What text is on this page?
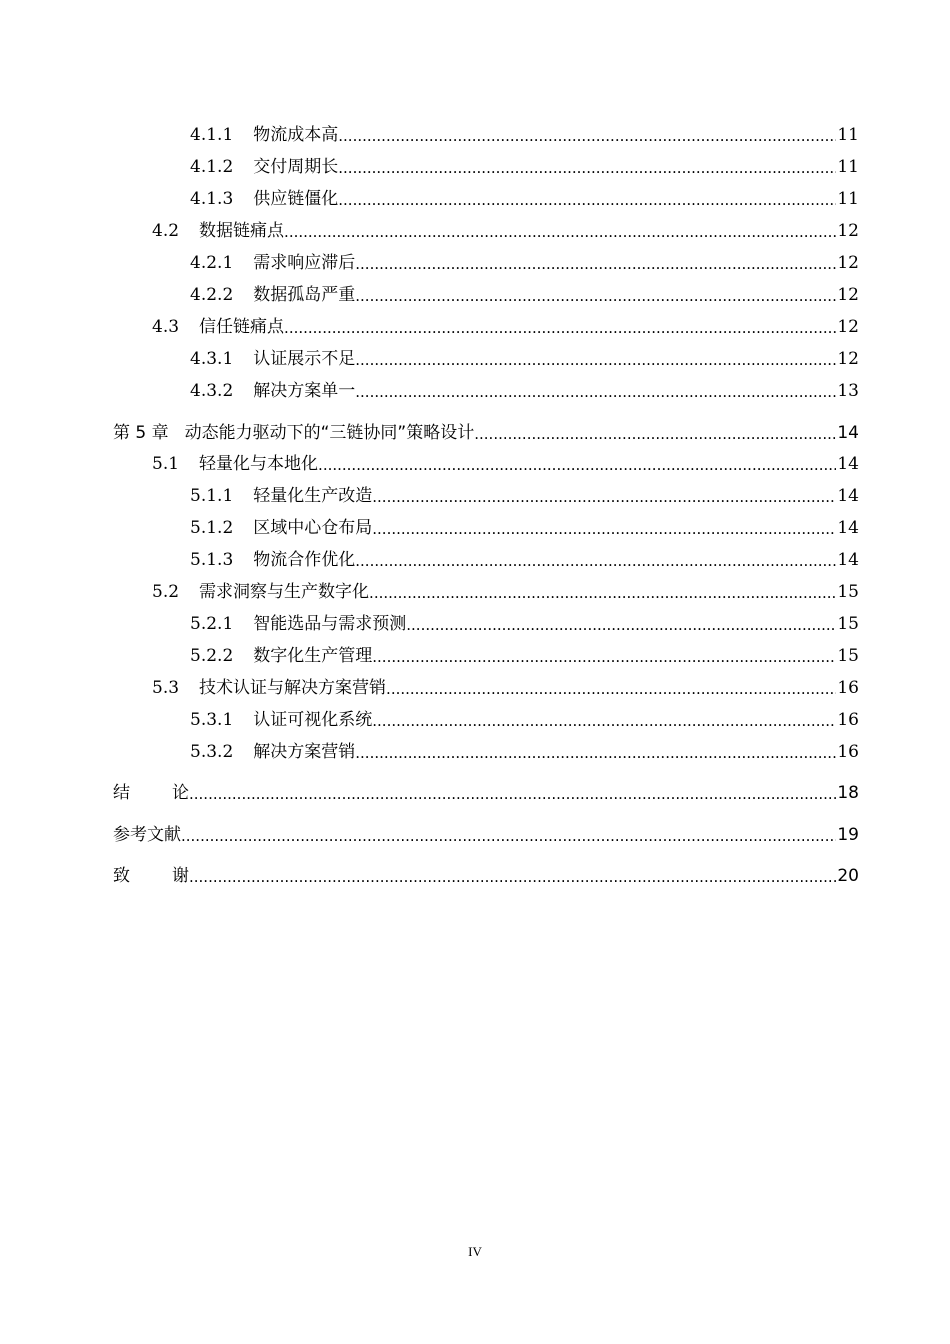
4.1.1 物流成本高 .....	11
4.1.2 交付周期长 .....	11
4.1.3 供应链僵化 .....	11
4.2 数据链痛点 .....	12
4.2.1 需求响应滞后 .....	12
4.2.2 数据孤岛严重 .....	12
4.3 信任链痛点 .....	12
4.3.1 认证展示不足 .....	12
4.3.2 解决方案单一 .....	13
第 5 章 动态能力驱动下的“三链协同”策略设计 .....	14
5.1 轻量化与本地化 .....	14
5.1.1 轻量化生产改造 .....	14
5.1.2 区域中心仓布局 .....	14
5.1.3 物流合作优化 .....	14
5.2 需求洞察与生产数字化 .....	15
5.2.1 智能选品与需求预测 .....	15
5.2.2 数字化生产管理 .....	15
5.3 技术认证与解决方案营销 .....	16
5.3.1 认证可视化系统 .....	16
5.3.2 解决方案营销 .....	16
结论 .....	18
参考文献 .....	19
致谢 .....	20
IV
